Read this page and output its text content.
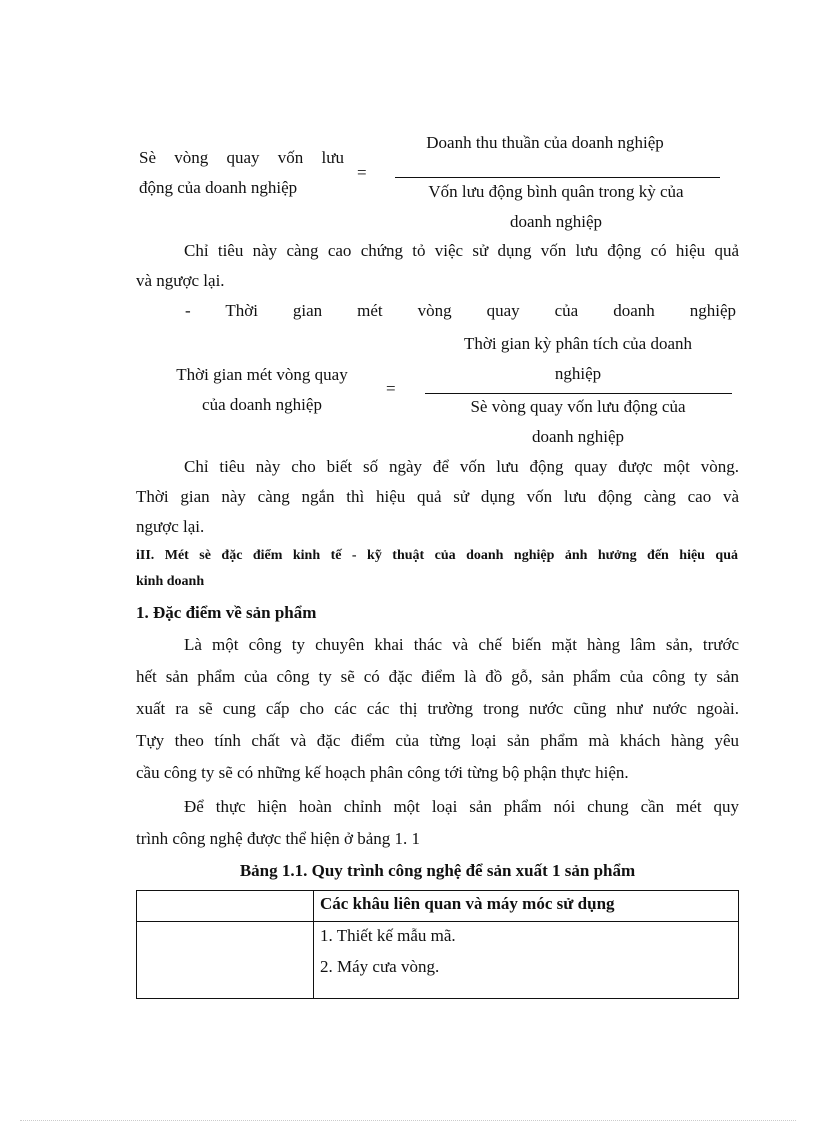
Sè vòng quay vốn lưu
động của doanh nghiệp
=
Doanh thu thuần của doanh nghiệp
Vốn lưu động bình quân trong kỳ của
doanh nghiệp
Chỉ tiêu này càng cao chứng tỏ việc sử dụng vốn lưu động có hiệu quả
và ngược lại.
- Thời gian mét vòng quay của doanh nghiệp
Thời gian mét vòng quay
của doanh nghiệp
=
Thời gian kỳ phân tích của doanh
nghiệp
Sè vòng quay vốn lưu động của
doanh nghiệp
Chỉ tiêu này cho biết số ngày để vốn lưu động quay được một vòng.
Thời gian này càng ngắn thì hiệu quả sử dụng vốn lưu động càng cao và
ngược lại.
iII. Mét sè đặc điểm kinh tế - kỹ thuật của doanh nghiệp ảnh hưởng đến hiệu quả
kinh doanh
1. Đặc điểm về sản phẩm
Là một công ty chuyên khai thác và chế biến mặt hàng lâm sản, trước
hết sản phẩm của công ty sẽ có đặc điểm là đồ gỗ, sản phẩm của công ty sản
xuất ra sẽ cung cấp cho các các thị trường trong nước cũng như nước ngoài.
Tựy theo tính chất và đặc điểm của từng loại sản phẩm mà khách hàng yêu
cầu công ty sẽ có những kế hoạch phân công tới từng bộ phận thực hiện.
Để thực hiện hoàn chỉnh một loại sản phẩm nói chung cần mét quy
trình công nghệ được thể hiện ở bảng 1. 1
Bảng 1.1. Quy trình công nghệ để sản xuất 1 sản phẩm
	Các khâu liên quan và máy móc sử dụng

	1. Thiết kế mẫu mã.
2. Máy cưa vòng.
